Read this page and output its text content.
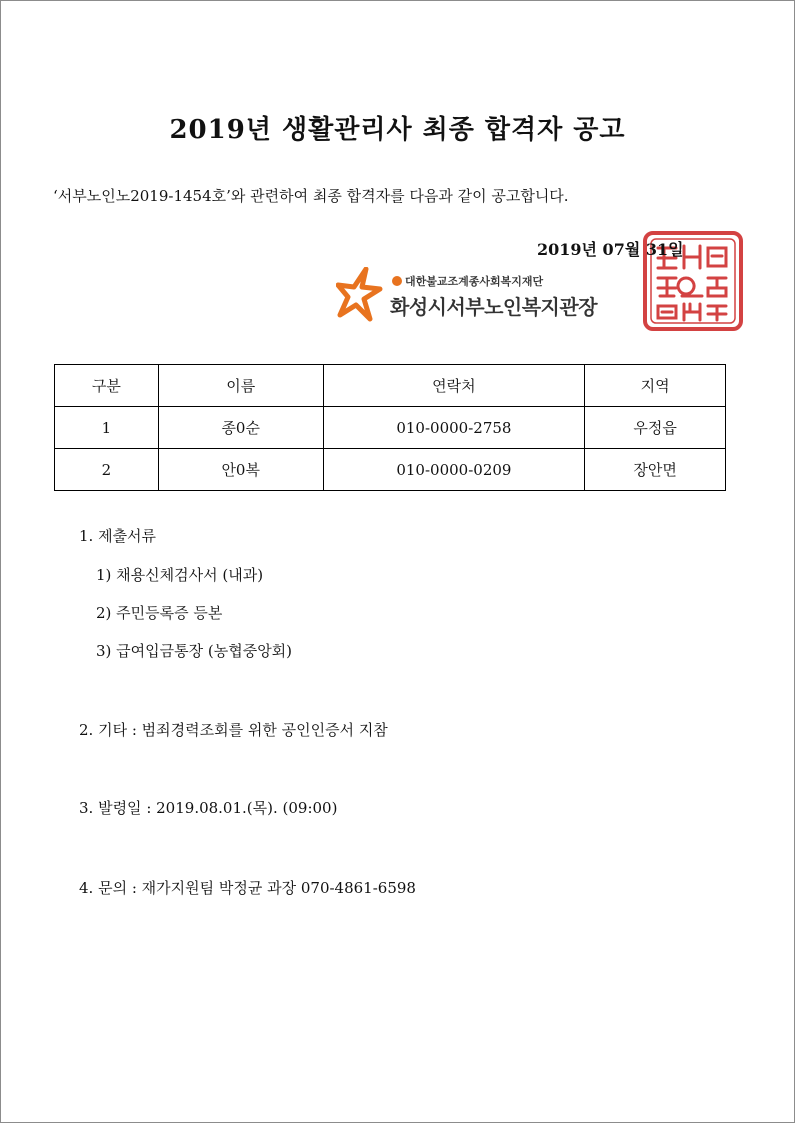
2019년 생활관리사 최종 합격자 공고
‘서부노인노2019-1454호’와 관련하여 최종 합격자를 다음과 같이 공고합니다.
2019년 07월 31일
대한불교조계종사회복지재단
화성시서부노인복지관장
구분	이름	연락처	지역
1	종0순	010-0000-2758	우정읍
2	안0복	010-0000-0209	장안면
1. 제출서류
1) 채용신체검사서 (내과)
2) 주민등록증 등본
3) 급여입금통장 (농협중앙회)
2. 기타 : 범죄경력조회를 위한 공인인증서 지참
3. 발령일 : 2019.08.01.(목). (09:00)
4. 문의 : 재가지원팀 박정균 과장 070-4861-6598
